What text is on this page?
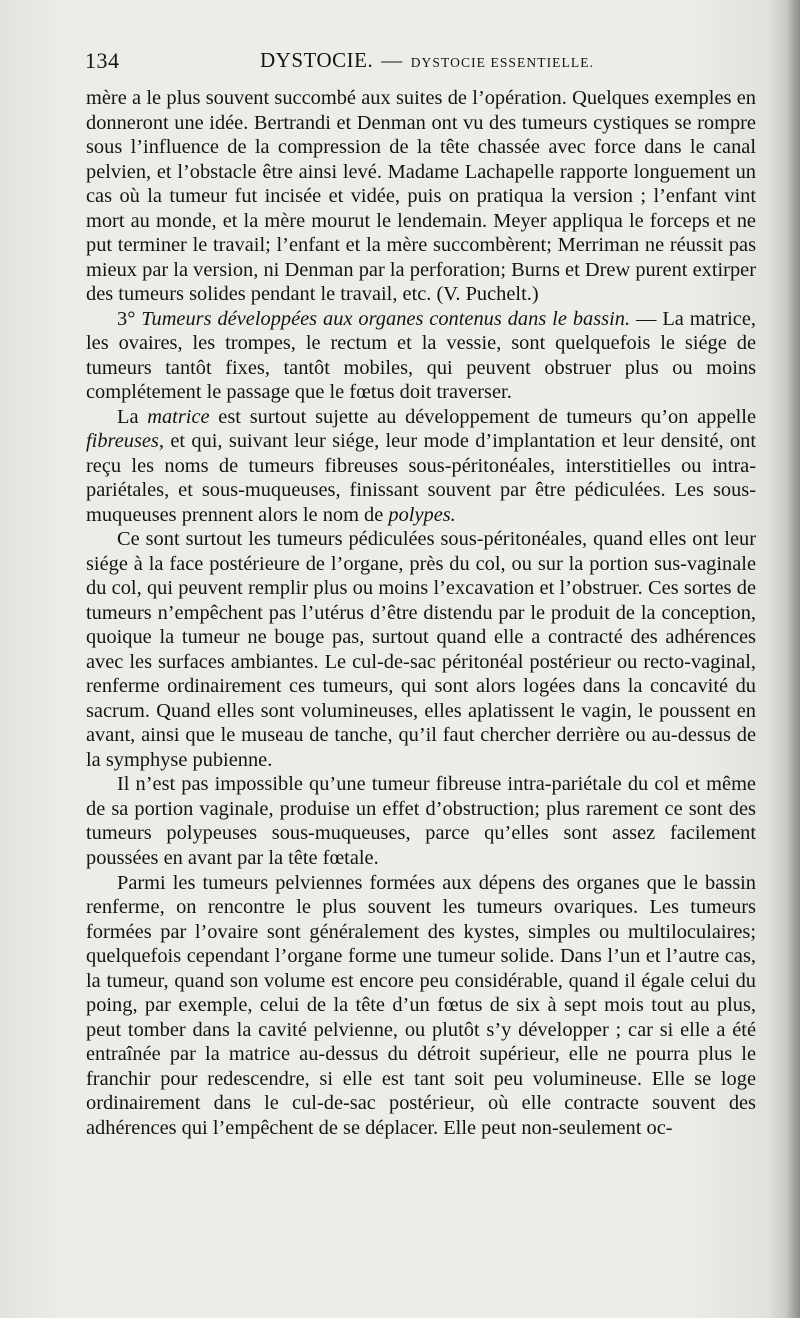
134	DYSTOCIE. — DYSTOCIE ESSENTIELLE.

mère a le plus souvent succombé aux suites de l’opération. Quelques exemples en donneront une idée. Bertrandi et Denman ont vu des tumeurs cystiques se rompre sous l’influence de la compression de la tête chassée avec force dans le canal pelvien, et l’obstacle être ainsi levé. Madame Lachapelle rapporte longuement un cas où la tumeur fut incisée et vidée, puis on pratiqua la version ; l’enfant vint mort au monde, et la mère mourut le lendemain. Meyer appliqua le forceps et ne put terminer le travail; l’enfant et la mère succombèrent; Merriman ne réussit pas mieux par la version, ni Denman par la perforation; Burns et Drew purent extirper des tumeurs solides pendant le travail, etc. (V. Puchelt.)

3° Tumeurs développées aux organes contenus dans le bassin. — La matrice, les ovaires, les trompes, le rectum et la vessie, sont quelquefois le siége de tumeurs tantôt fixes, tantôt mobiles, qui peuvent obstruer plus ou moins complétement le passage que le fœtus doit traverser.

La matrice est surtout sujette au développement de tumeurs qu’on appelle fibreuses, et qui, suivant leur siége, leur mode d’implantation et leur densité, ont reçu les noms de tumeurs fibreuses sous-péritonéales, interstitielles ou intra-pariétales, et sous-muqueuses, finissant souvent par être pédiculées. Les sous-muqueuses prennent alors le nom de polypes.

Ce sont surtout les tumeurs pédiculées sous-péritonéales, quand elles ont leur siége à la face postérieure de l’organe, près du col, ou sur la portion sus-vaginale du col, qui peuvent remplir plus ou moins l’excavation et l’obstruer. Ces sortes de tumeurs n’empêchent pas l’utérus d’être distendu par le produit de la conception, quoique la tumeur ne bouge pas, surtout quand elle a contracté des adhérences avec les surfaces ambiantes. Le cul-de-sac péritonéal postérieur ou recto-vaginal, renferme ordinairement ces tumeurs, qui sont alors logées dans la concavité du sacrum. Quand elles sont volumineuses, elles aplatissent le vagin, le poussent en avant, ainsi que le museau de tanche, qu’il faut chercher derrière ou au-dessus de la symphyse pubienne.

Il n’est pas impossible qu’une tumeur fibreuse intra-pariétale du col et même de sa portion vaginale, produise un effet d’obstruction; plus rarement ce sont des tumeurs polypeuses sous-muqueuses, parce qu’elles sont assez facilement poussées en avant par la tête fœtale.

Parmi les tumeurs pelviennes formées aux dépens des organes que le bassin renferme, on rencontre le plus souvent les tumeurs ovariques. Les tumeurs formées par l’ovaire sont généralement des kystes, simples ou multiloculaires; quelquefois cependant l’organe forme une tumeur solide. Dans l’un et l’autre cas, la tumeur, quand son volume est encore peu considérable, quand il égale celui du poing, par exemple, celui de la tête d’un fœtus de six à sept mois tout au plus, peut tomber dans la cavité pelvienne, ou plutôt s’y développer ; car si elle a été entraînée par la matrice au-dessus du détroit supérieur, elle ne pourra plus le franchir pour redescendre, si elle est tant soit peu volumineuse. Elle se loge ordinairement dans le cul-de-sac postérieur, où elle contracte souvent des adhérences qui l’empêchent de se déplacer. Elle peut non-seulement oc-
